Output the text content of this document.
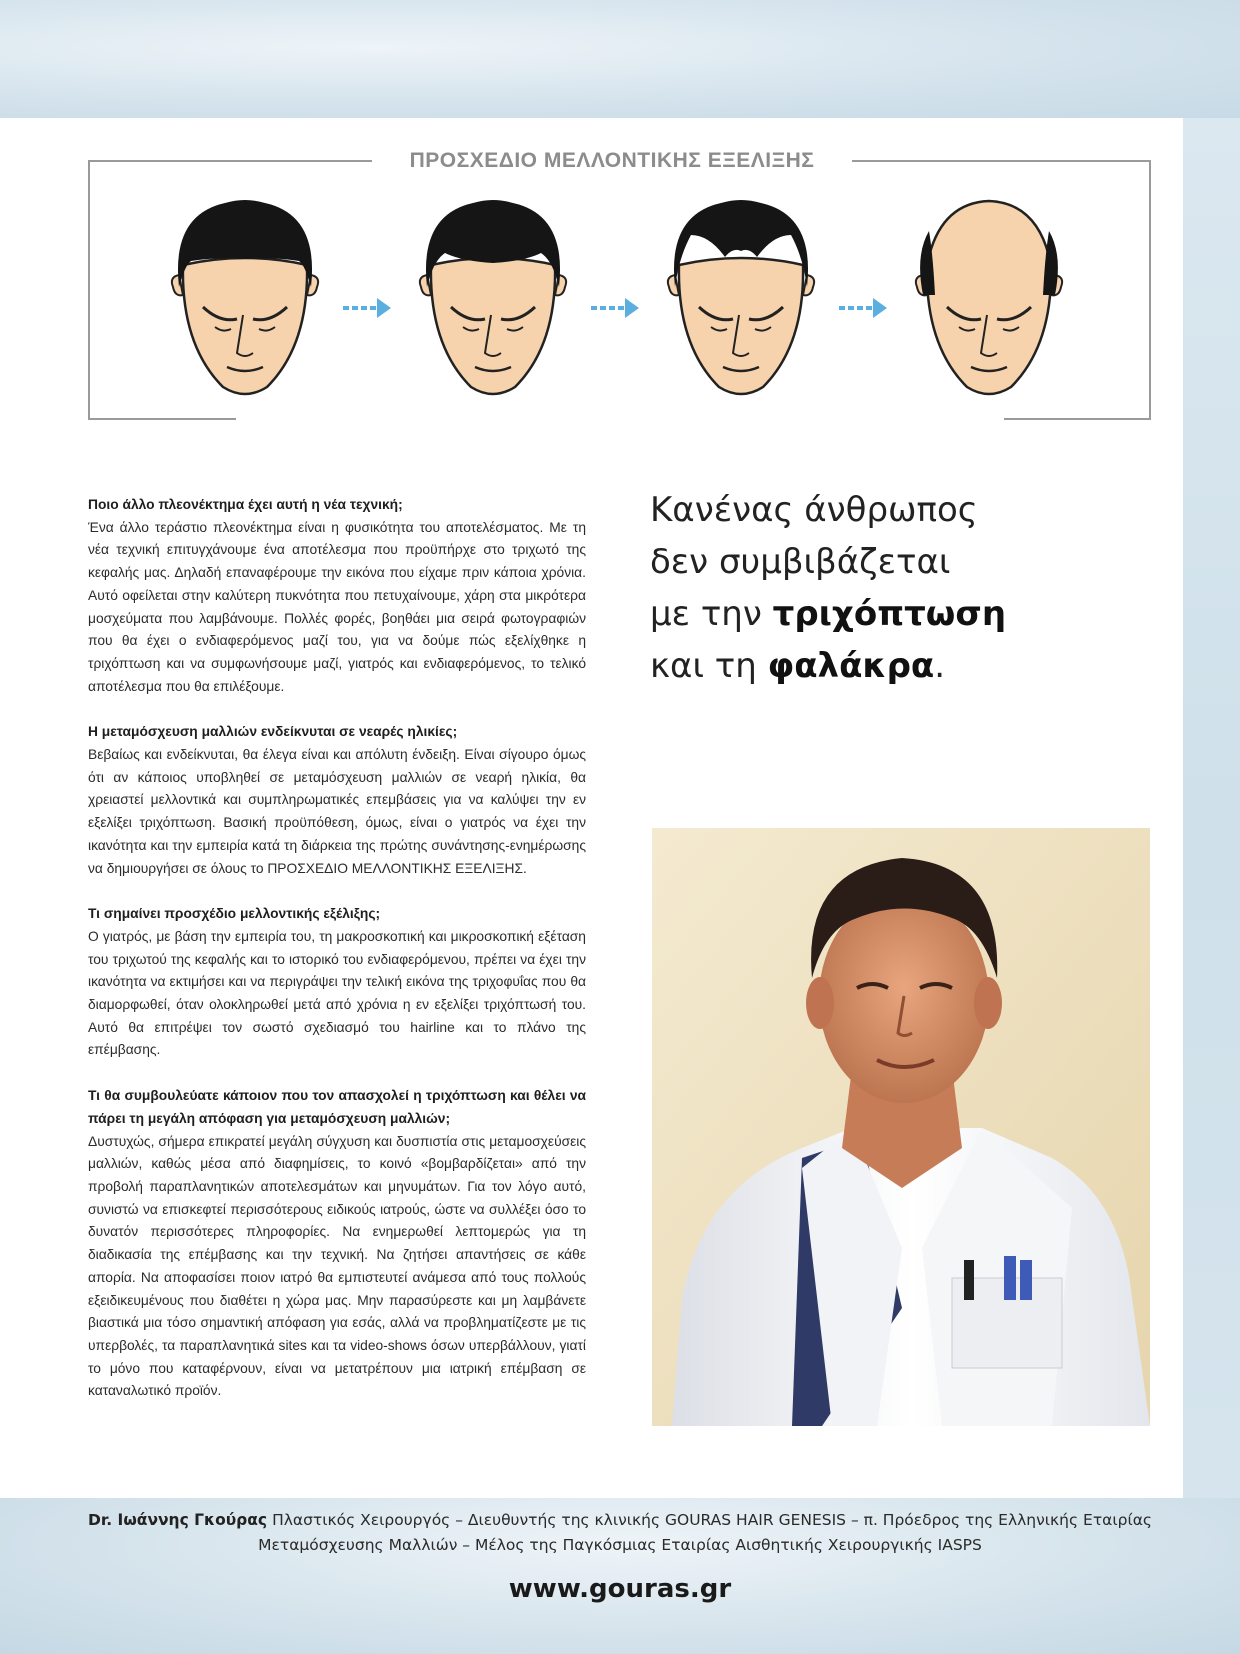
ΠΡΟΣΧΕΔΙΟ ΜΕΛΛΟΝΤΙΚΗΣ ΕΞΕΛΙΞΗΣ

Ποιο άλλο πλεονέκτημα έχει αυτή η νέα τεχνική;

Ένα άλλο τεράστιο πλεονέκτημα είναι η φυσικότητα του αποτελέσματος. Με τη νέα τεχνική επιτυγχάνουμε ένα αποτέλεσμα που προϋπήρχε στο τριχωτό της κεφαλής μας. Δηλαδή επαναφέρουμε την εικόνα που είχαμε πριν κάποια χρόνια. Αυτό οφείλεται στην καλύτερη πυκνότητα που πετυχαίνουμε, χάρη στα μικρότερα μοσχεύματα που λαμβάνουμε. Πολλές φορές, βοηθάει μια σειρά φωτογραφιών που θα έχει ο ενδιαφερόμενος μαζί του, για να δούμε πώς εξελίχθηκε η τριχόπτωση και να συμφωνήσουμε μαζί, γιατρός και ενδιαφερόμενος, το τελικό αποτέλεσμα που θα επιλέξουμε.

Η μεταμόσχευση μαλλιών ενδείκνυται σε νεαρές ηλικίες;

Βεβαίως και ενδείκνυται, θα έλεγα είναι και απόλυτη ένδειξη. Είναι σίγουρο όμως ότι αν κάποιος υποβληθεί σε μεταμόσχευση μαλλιών σε νεαρή ηλικία, θα χρειαστεί μελλοντικά και συμπληρωματικές επεμβάσεις για να καλύψει την εν εξελίξει τριχόπτωση. Βασική προϋπόθεση, όμως, είναι ο γιατρός να έχει την ικανότητα και την εμπειρία κατά τη διάρκεια της πρώτης συνάντησης-ενημέρωσης να δημιουργήσει σε όλους το ΠΡΟΣΧΕΔΙΟ ΜΕΛΛΟΝΤΙΚΗΣ ΕΞΕΛΙΞΗΣ.

Τι σημαίνει προσχέδιο μελλοντικής εξέλιξης;

Ο γιατρός, με βάση την εμπειρία του, τη μακροσκοπική και μικροσκοπική εξέταση του τριχωτού της κεφαλής και το ιστορικό του ενδιαφερόμενου, πρέπει να έχει την ικανότητα να εκτιμήσει και να περιγράψει την τελική εικόνα της τριχοφυΐας που θα διαμορφωθεί, όταν ολοκληρωθεί μετά από χρόνια η εν εξελίξει τριχόπτωσή του. Αυτό θα επιτρέψει τον σωστό σχεδιασμό του hairline και το πλάνο της επέμβασης.

Τι θα συμβουλεύατε κάποιον που τον απασχολεί η τριχόπτωση και θέλει να πάρει τη μεγάλη απόφαση για μεταμόσχευση μαλλιών;

Δυστυχώς, σήμερα επικρατεί μεγάλη σύγχυση και δυσπιστία στις μεταμοσχεύσεις μαλλιών, καθώς μέσα από διαφημίσεις, το κοινό «βομβαρδίζεται» από την προβολή παραπλανητικών αποτελεσμάτων και μηνυμάτων. Για τον λόγο αυτό, συνιστώ να επισκεφτεί περισσότερους ειδικούς ιατρούς, ώστε να συλλέξει όσο το δυνατόν περισσότερες πληροφορίες. Να ενημερωθεί λεπτομερώς για τη διαδικασία της επέμβασης και την τεχνική. Να ζητήσει απαντήσεις σε κάθε απορία. Να αποφασίσει ποιον ιατρό θα εμπιστευτεί ανάμεσα από τους πολλούς εξειδικευμένους που διαθέτει η χώρα μας. Μην παρασύρεστε και μη λαμβάνετε βιαστικά μια τόσο σημαντική απόφαση για εσάς, αλλά να προβληματίζεστε με τις υπερβολές, τα παραπλανητικά sites και τα video-shows όσων υπερβάλλουν, γιατί το μόνο που καταφέρνουν, είναι να μετατρέπουν μια ιατρική επέμβαση σε καταναλωτικό προϊόν.

Κανένας άνθρωπος
δεν συμβιβάζεται
με την τριχόπτωση
και τη φαλάκρα.
Dr. Ιωάννης Γκούρας Πλαστικός Χειρουργός – Διευθυντής της κλινικής GOURAS HAIR GENESIS – π. Πρόεδρος της Ελληνικής Εταιρίας Μεταμόσχευσης Μαλλιών – Μέλος της Παγκόσμιας Εταιρίας Αισθητικής Χειρουργικής IASPS
www.gouras.gr
